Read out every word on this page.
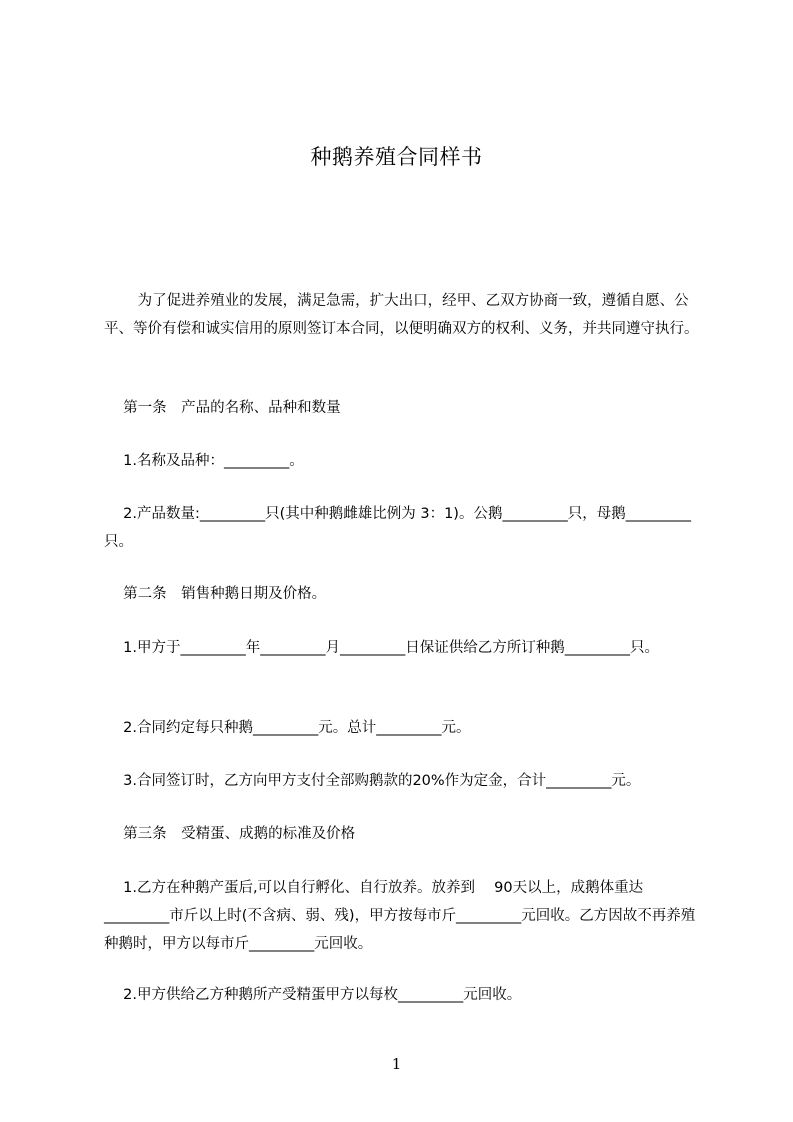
种鹅养殖合同样书

　　 为了促进养殖业的发展，满足急需，扩大出口，经甲、乙双方协商一致，遵循自愿、公平、等价有偿和诚实信用的原则签订本合同，以便明确双方的权利、义务，并共同遵守执行。

　 第一条　产品的名称、品种和数量

　 1.名称及品种：_________。

　 2.产品数量:_________只(其中种鹅雌雄比例为 3：1)。公鹅_________只，母鹅_________只。

　 第二条　销售种鹅日期及价格。

　 1.甲方于_________年_________月_________日保证供给乙方所订种鹅_________只。

　 2.合同约定每只种鹅_________元。总计_________元。

　 3.合同签订时，乙方向甲方支付全部购鹅款的20%作为定金，合计_________元。

　 第三条　受精蛋、成鹅的标准及价格

　 1.乙方在种鹅产蛋后,可以自行孵化、自行放养。放养到　 90天以上，成鹅体重达_________市斤以上时(不含病、弱、残)，甲方按每市斤_________元回收。乙方因故不再养殖种鹅时，甲方以每市斤_________元回收。

　 2.甲方供给乙方种鹅所产受精蛋甲方以每枚_________元回收。

1
